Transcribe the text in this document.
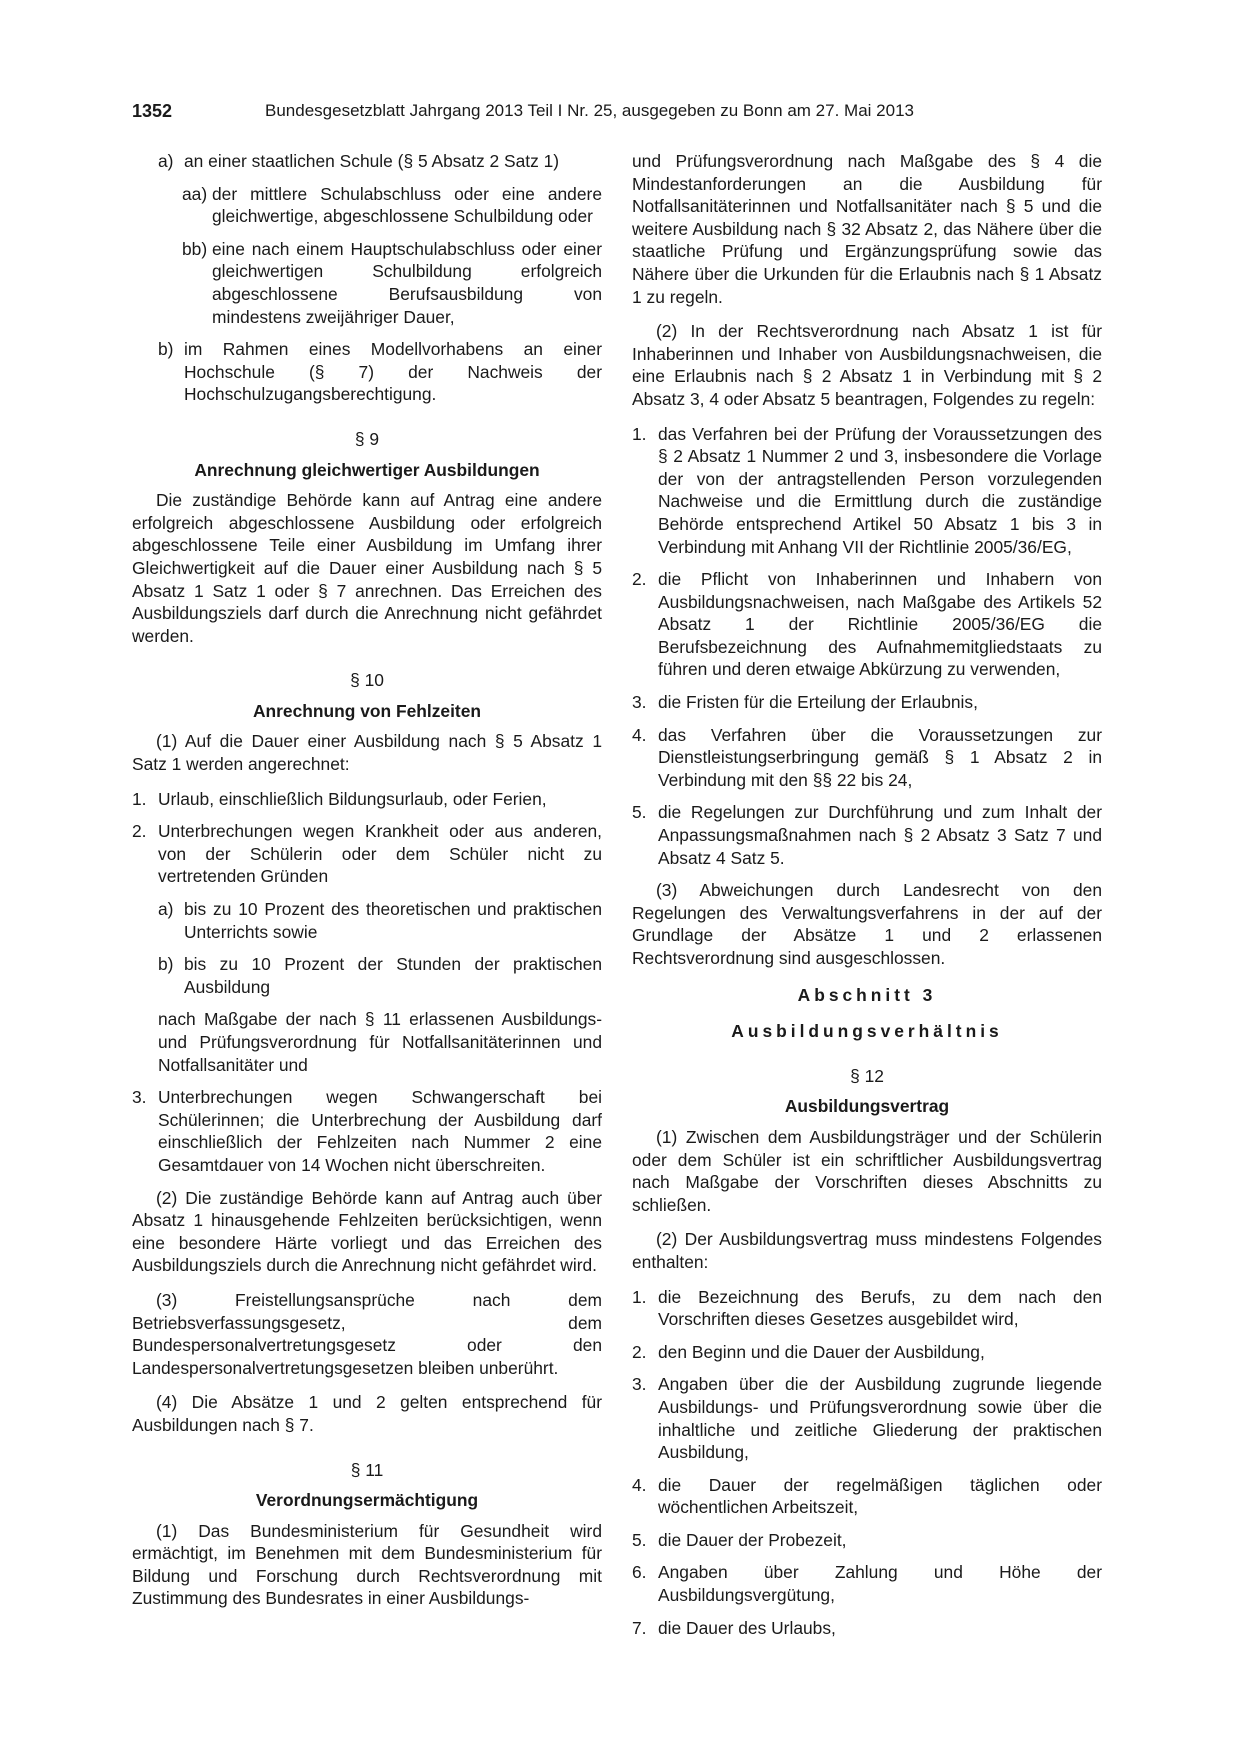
1352	Bundesgesetzblatt Jahrgang 2013 Teil I Nr. 25, ausgegeben zu Bonn am 27. Mai 2013
a) an einer staatlichen Schule (§ 5 Absatz 2 Satz 1)
aa) der mittlere Schulabschluss oder eine andere gleichwertige, abgeschlossene Schulbildung oder
bb) eine nach einem Hauptschulabschluss oder einer gleichwertigen Schulbildung erfolgreich abgeschlossene Berufsausbildung von mindestens zweijähriger Dauer,
b) im Rahmen eines Modellvorhabens an einer Hochschule (§ 7) der Nachweis der Hochschulzugangsberechtigung.

§ 9

Anrechnung gleichwertiger Ausbildungen

Die zuständige Behörde kann auf Antrag eine andere erfolgreich abgeschlossene Ausbildung oder erfolgreich abgeschlossene Teile einer Ausbildung im Umfang ihrer Gleichwertigkeit auf die Dauer einer Ausbildung nach § 5 Absatz 1 Satz 1 oder § 7 anrechnen. Das Erreichen des Ausbildungsziels darf durch die Anrechnung nicht gefährdet werden.

§ 10

Anrechnung von Fehlzeiten

(1) Auf die Dauer einer Ausbildung nach § 5 Absatz 1 Satz 1 werden angerechnet:

1. Urlaub, einschließlich Bildungsurlaub, oder Ferien,
2. Unterbrechungen wegen Krankheit oder aus anderen, von der Schülerin oder dem Schüler nicht zu vertretenden Gründen
a) bis zu 10 Prozent des theoretischen und praktischen Unterrichts sowie
b) bis zu 10 Prozent der Stunden der praktischen Ausbildung

nach Maßgabe der nach § 11 erlassenen Ausbildungs- und Prüfungsverordnung für Notfallsanitäterinnen und Notfallsanitäter und

3. Unterbrechungen wegen Schwangerschaft bei Schülerinnen; die Unterbrechung der Ausbildung darf einschließlich der Fehlzeiten nach Nummer 2 eine Gesamtdauer von 14 Wochen nicht überschreiten.

(2) Die zuständige Behörde kann auf Antrag auch über Absatz 1 hinausgehende Fehlzeiten berücksichtigen, wenn eine besondere Härte vorliegt und das Erreichen des Ausbildungsziels durch die Anrechnung nicht gefährdet wird.

(3) Freistellungsansprüche nach dem Betriebsverfassungsgesetz, dem Bundespersonalvertretungsgesetz oder den Landespersonalvertretungsgesetzen bleiben unberührt.

(4) Die Absätze 1 und 2 gelten entsprechend für Ausbildungen nach § 7.

§ 11

Verordnungsermächtigung

(1) Das Bundesministerium für Gesundheit wird ermächtigt, im Benehmen mit dem Bundesministerium für Bildung und Forschung durch Rechtsverordnung mit Zustimmung des Bundesrates in einer Ausbildungs-

und Prüfungsverordnung nach Maßgabe des § 4 die Mindestanforderungen an die Ausbildung für Notfallsanitäterinnen und Notfallsanitäter nach § 5 und die weitere Ausbildung nach § 32 Absatz 2, das Nähere über die staatliche Prüfung und Ergänzungsprüfung sowie das Nähere über die Urkunden für die Erlaubnis nach § 1 Absatz 1 zu regeln.

(2) In der Rechtsverordnung nach Absatz 1 ist für Inhaberinnen und Inhaber von Ausbildungsnachweisen, die eine Erlaubnis nach § 2 Absatz 1 in Verbindung mit § 2 Absatz 3, 4 oder Absatz 5 beantragen, Folgendes zu regeln:

1. das Verfahren bei der Prüfung der Voraussetzungen des § 2 Absatz 1 Nummer 2 und 3, insbesondere die Vorlage der von der antragstellenden Person vorzulegenden Nachweise und die Ermittlung durch die zuständige Behörde entsprechend Artikel 50 Absatz 1 bis 3 in Verbindung mit Anhang VII der Richtlinie 2005/36/EG,
2. die Pflicht von Inhaberinnen und Inhabern von Ausbildungsnachweisen, nach Maßgabe des Artikels 52 Absatz 1 der Richtlinie 2005/36/EG die Berufsbezeichnung des Aufnahmemitgliedstaats zu führen und deren etwaige Abkürzung zu verwenden,
3. die Fristen für die Erteilung der Erlaubnis,
4. das Verfahren über die Voraussetzungen zur Dienstleistungserbringung gemäß § 1 Absatz 2 in Verbindung mit den §§ 22 bis 24,
5. die Regelungen zur Durchführung und zum Inhalt der Anpassungsmaßnahmen nach § 2 Absatz 3 Satz 7 und Absatz 4 Satz 5.

(3) Abweichungen durch Landesrecht von den Regelungen des Verwaltungsverfahrens in der auf der Grundlage der Absätze 1 und 2 erlassenen Rechtsverordnung sind ausgeschlossen.

Abschnitt 3

Ausbildungsverhältnis

§ 12

Ausbildungsvertrag

(1) Zwischen dem Ausbildungsträger und der Schülerin oder dem Schüler ist ein schriftlicher Ausbildungsvertrag nach Maßgabe der Vorschriften dieses Abschnitts zu schließen.

(2) Der Ausbildungsvertrag muss mindestens Folgendes enthalten:

1. die Bezeichnung des Berufs, zu dem nach den Vorschriften dieses Gesetzes ausgebildet wird,
2. den Beginn und die Dauer der Ausbildung,
3. Angaben über die der Ausbildung zugrunde liegende Ausbildungs- und Prüfungsverordnung sowie über die inhaltliche und zeitliche Gliederung der praktischen Ausbildung,
4. die Dauer der regelmäßigen täglichen oder wöchentlichen Arbeitszeit,
5. die Dauer der Probezeit,
6. Angaben über Zahlung und Höhe der Ausbildungsvergütung,
7. die Dauer des Urlaubs,
